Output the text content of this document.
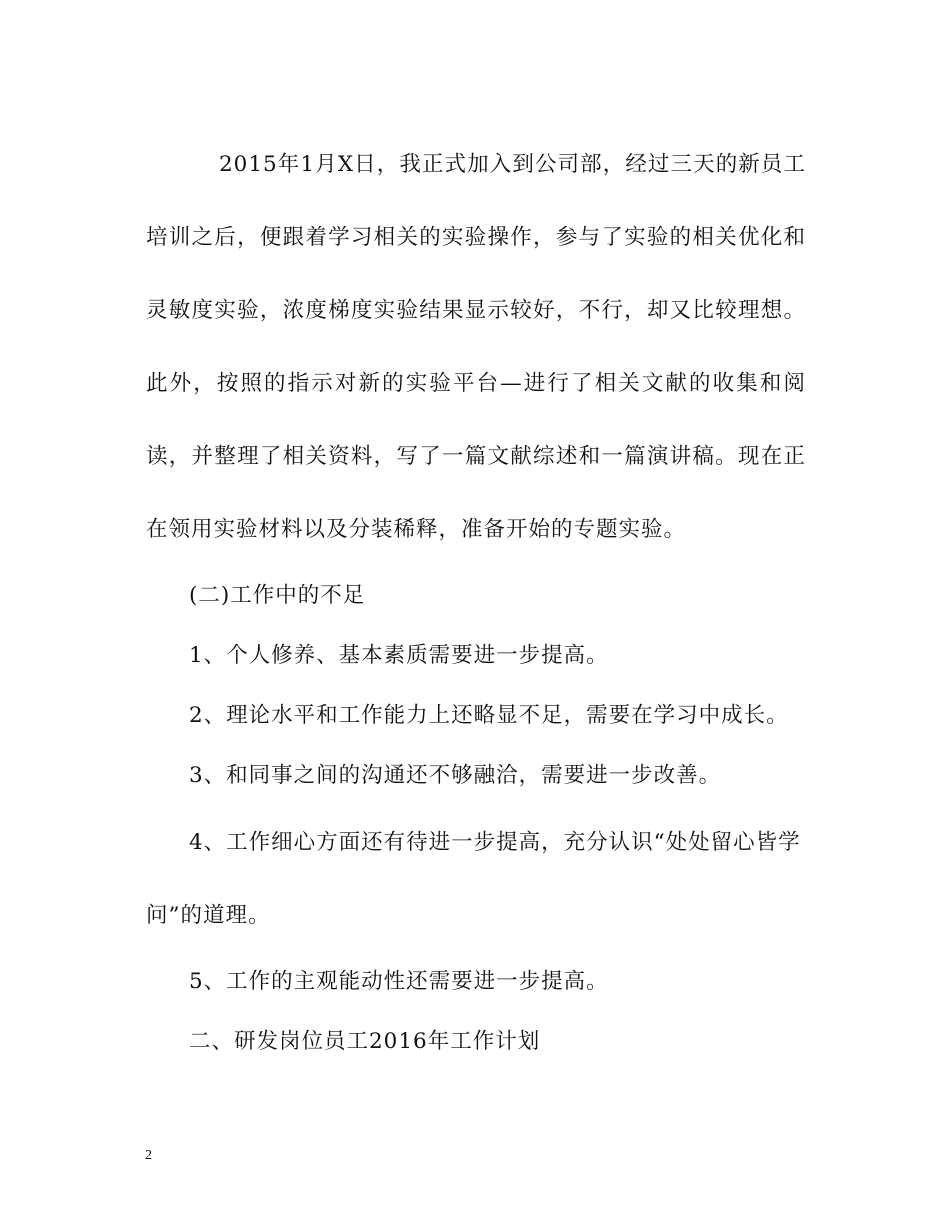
2015年1月X日，我正式加入到公司部，经过三天的新员工培训之后，便跟着学习相关的实验操作，参与了实验的相关优化和灵敏度实验，浓度梯度实验结果显示较好，不行，却又比较理想。此外，按照的指示对新的实验平台—进行了相关文献的收集和阅读，并整理了相关资料，写了一篇文献综述和一篇演讲稿。现在正在领用实验材料以及分装稀释，准备开始的专题实验。

(二)工作中的不足

1、个人修养、基本素质需要进一步提高。

2、理论水平和工作能力上还略显不足，需要在学习中成长。

3、和同事之间的沟通还不够融洽，需要进一步改善。

4、工作细心方面还有待进一步提高，充分认识“处处留心皆学问”的道理。

5、工作的主观能动性还需要进一步提高。

二、研发岗位员工2016年工作计划

2
